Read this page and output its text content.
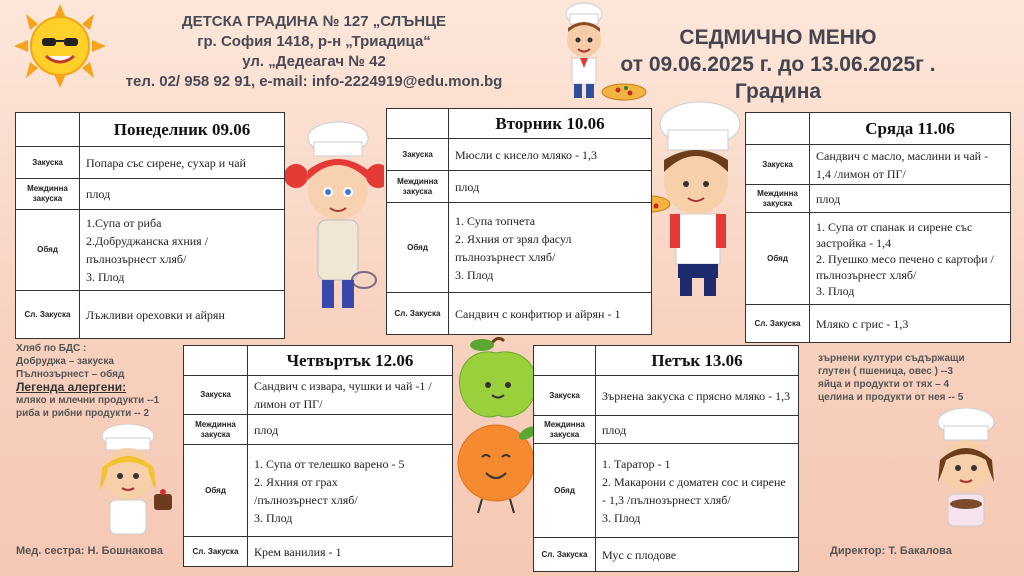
ДЕТСКА ГРАДИНА № 127 „СЛЪНЦЕ
гр. София 1418, р-н „Триадица“
ул. „Дедеагач № 42
тел. 02/ 958 92 91, e-mail: info-2224919@edu.mon.bg
СЕДМИЧНО МЕНЮ
от 09.06.2025 г. до 13.06.2025г .
Градина
	Понеделник 09.06
Закуска	Попара със сирене, сухар и чай
Междинна закуска	плод
Обяд	1.Супа от риба
2.Добруджанска яхния /пълнозърнест хляб/
3. Плод

Сл. Закуска	Лъжливи ореховки и айрян
	Вторник 10.06
Закуска	Мюсли с кисело мляко - 1,3
Междинна закуска	плод
Обяд	1. Супа топчета
2. Яхния от зрял фасул
пълнозърнест хляб/
3. Плод

Сл. Закуска	Сандвич с конфитюр и айрян - 1
	Сряда 11.06
Закуска	Сандвич с масло, маслини и чай - 1,4 /лимон от ПГ/
Междинна закуска	плод
Обяд	1. Супа от спанак и сирене със застройка - 1,4
2. Пуешко месо печено с картофи /пълнозърнест хляб/
3. Плод

Сл. Закуска	Мляко с грис - 1,3
	Четвъртък 12.06
Закуска	Сандвич с извара, чушки и чай -1 /лимон от ПГ/
Междинна закуска	плод
Обяд	1. Супа от телешко варено - 5
2. Яхния от грах
/пълнозърнест хляб/
3. Плод

Сл. Закуска	Крем ванилия - 1
	Петък 13.06
Закуска	Зърнена закуска с прясно мляко - 1,3
Междинна закуска	плод
Обяд	1. Таратор - 1
2. Макарони с доматен сос и сирене - 1,3 /пълнозърнест хляб/
3. Плод

Сл. Закуска	Мус с плодове
Хляб по БДС :
Добруджа – закуска
Пълнозърнест – обяд
Легенда алергени:
мляко и млечни продукти --1
риба и рибни продукти -- 2
зърнени култури съдържащи
глутен ( пшеница, овес ) --3
яйца и продукти от тях – 4
целина и продукти от нея -- 5
Мед. сестра: Н. Бошнакова	Директор: Т. Бакалова
